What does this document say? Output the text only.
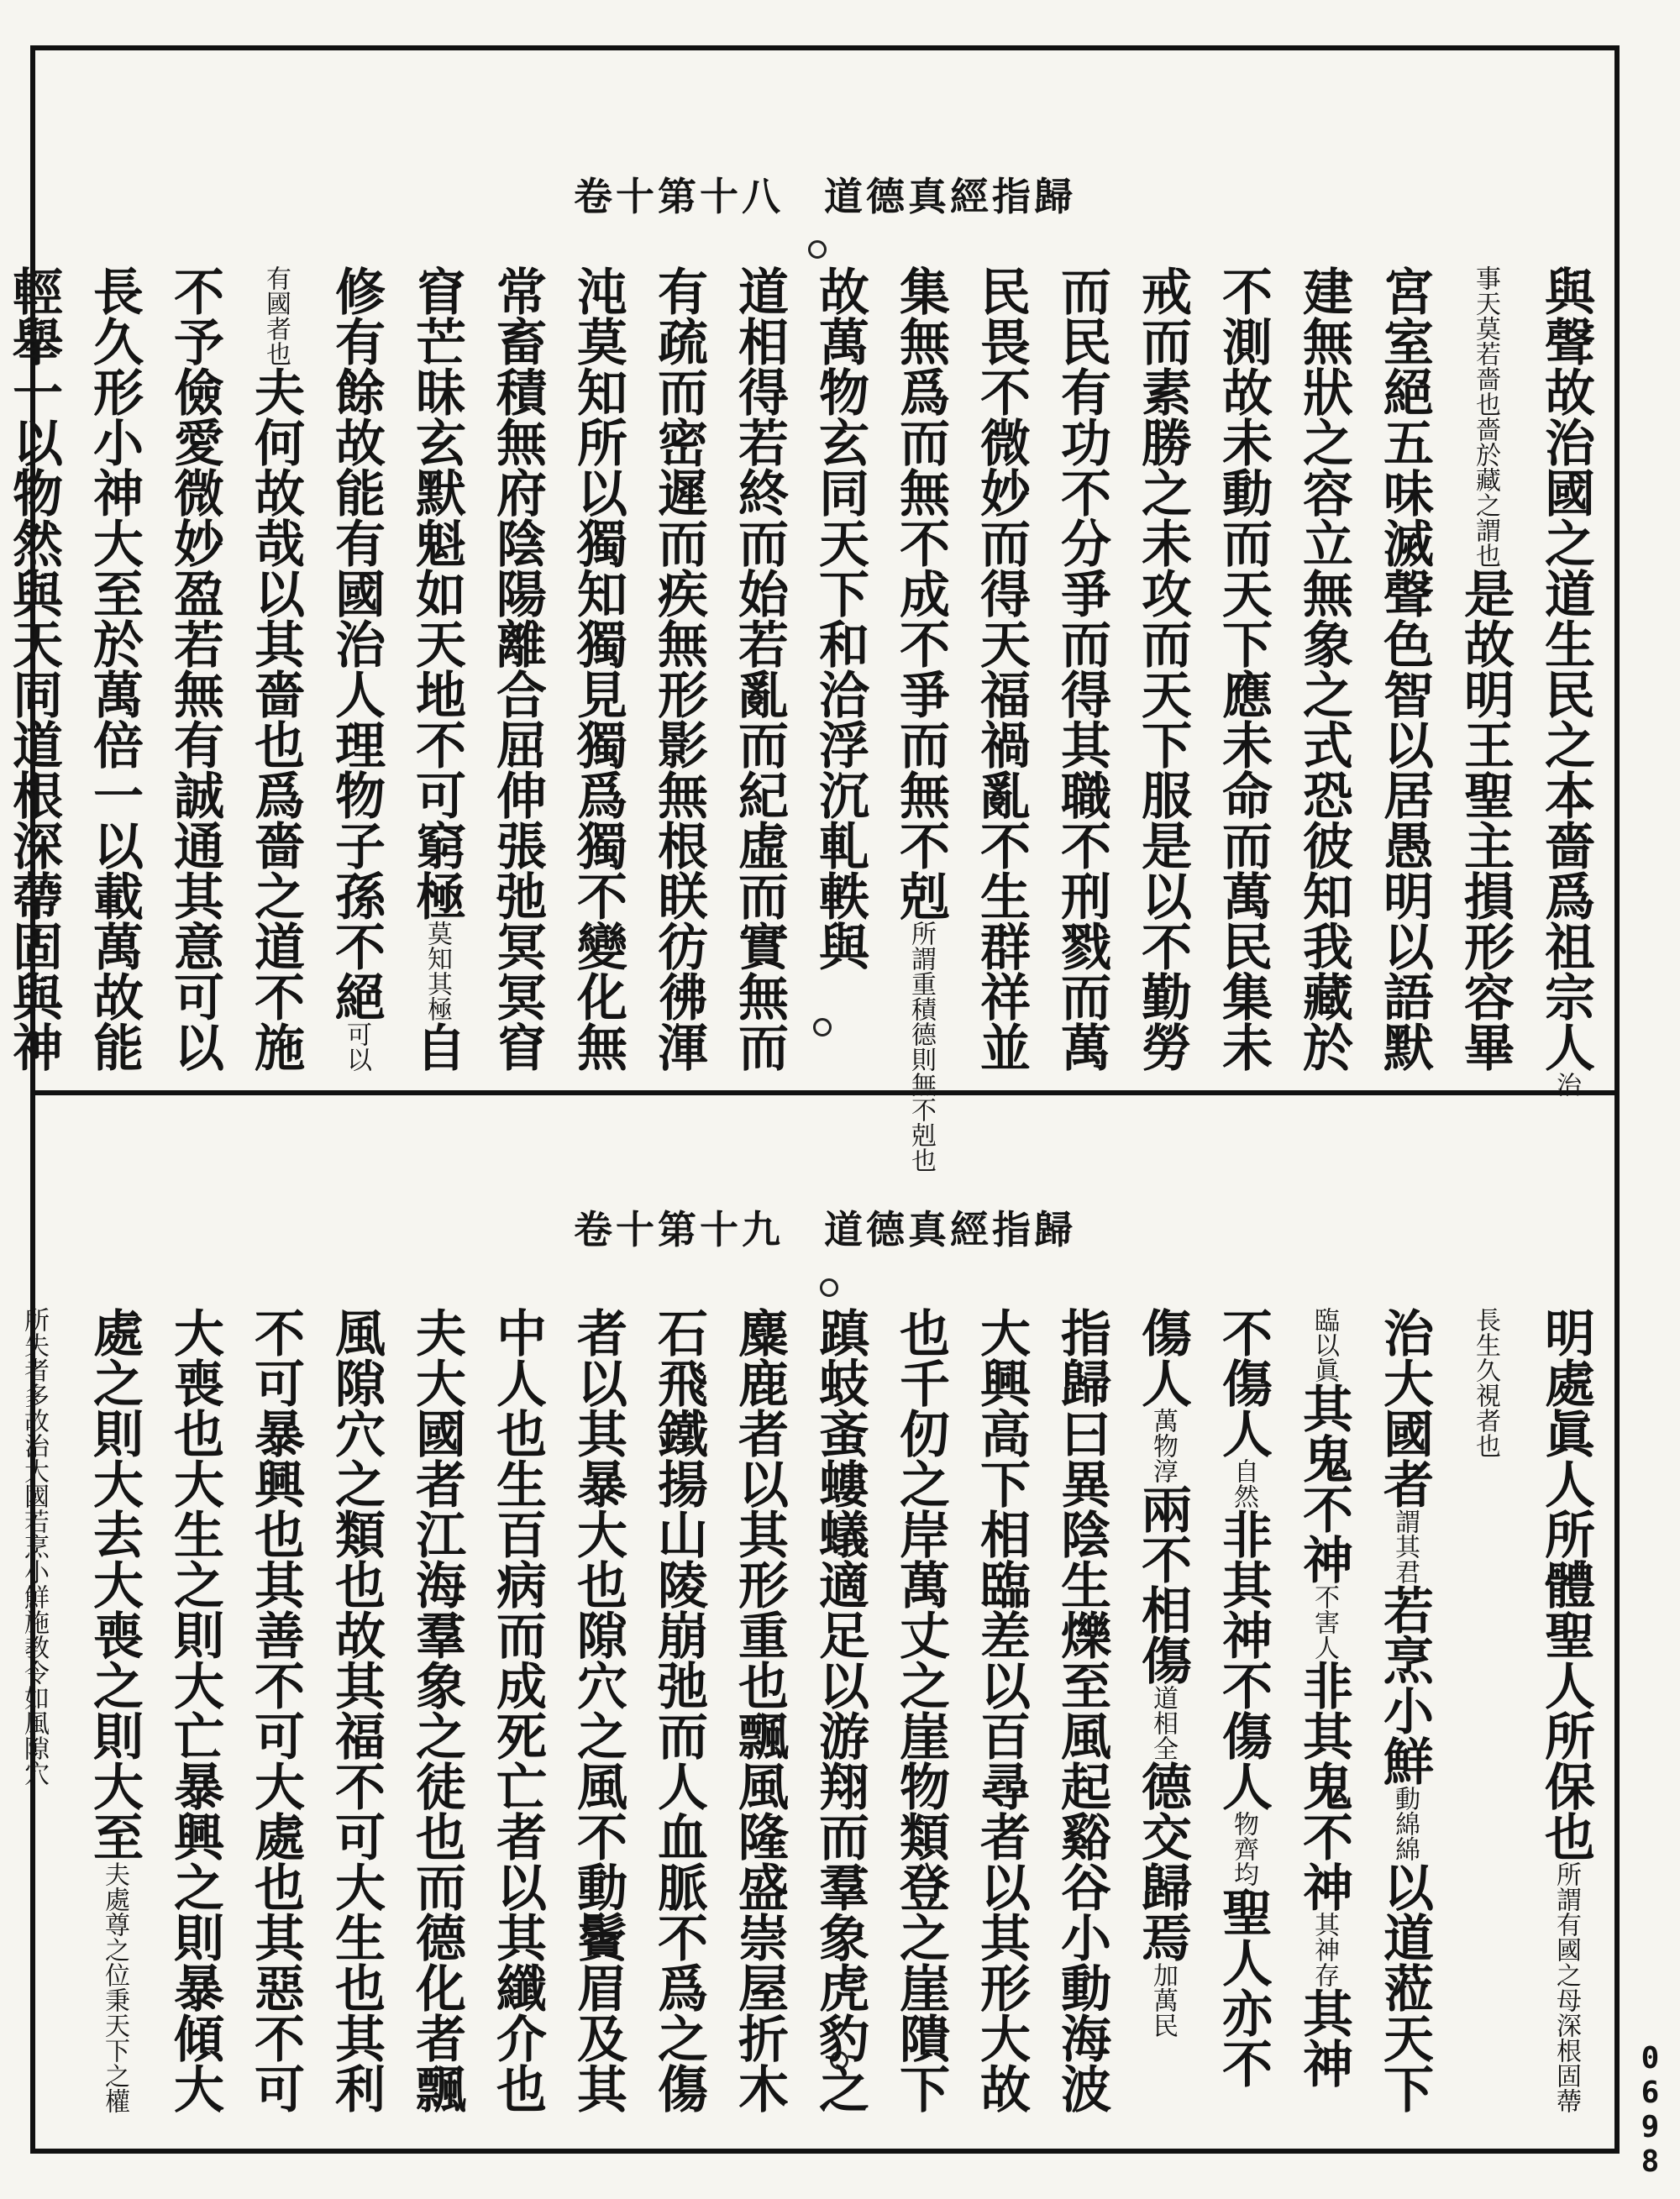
卷十第十八 道德真經指歸
與聲故治國之道生民之本嗇爲祖宗人治
事天莫若嗇也嗇於藏之謂也是故明王聖主損形容畢
宮室絕五味滅聲色智以居愚明以語默
建無狀之容立無象之式恐彼知我藏於
不測故未動而天下應未命而萬民集未
戒而素勝之未攻而天下服是以不勤勞
而民有功不分爭而得其職不刑戮而萬
民畏不微妙而得天福禍亂不生群祥並
集無爲而無不成不爭而無不剋所謂重積德則無不剋也
故萬物玄同天下和洽浮沉軋軼與
道相得若終而始若亂而紀虛而實無而
有疏而密遲而疾無形影無根眹彷彿渾
沌莫知所以獨知獨見獨爲獨不變化無
常畜積無府陰陽離合屈伸張弛冥冥窅
窅芒昧玄默魁如天地不可窮極莫知其極自
修有餘故能有國治人理物子孫不絕可以
有國者也夫何故哉以其嗇也爲嗇之道不施
不予儉愛微妙盈若無有誠通其意可以
長久形小神大至於萬倍一以載萬故能
輕舉一以物然與天同道根深蔕固與神
卷十第十九 道德真經指歸
明處眞人所體聖人所保也所謂有國之母深根固蔕
長生久視者也
治大國者謂其君若烹小鮮動綿綿以道蒞天下
臨以眞其鬼不神不害人非其鬼不神其神存其神
不傷人自然非其神不傷人物齊均聖人亦不
傷人萬物淳兩不相傷道相全德交歸焉加萬民
指歸曰異陰生爍至風起谿谷小動海波
大興高下相臨差以百尋者以其形大故
也千仞之岸萬丈之崖物類登之崖隤下
蹎蚑蚉螻蟻適足以游翔而羣象虎豹之
麋鹿者以其形重也飄風隆盛崇屋折木
石飛鐵揚山陵崩弛而人血脈不爲之傷
者以其暴大也隙穴之風不動鬢眉及其
中人也生百病而成死亡者以其纖介也
夫大國者江海羣象之徒也而德化者飄
風隙穴之類也故其福不可大生也其利
不可暴興也其善不可大處也其惡不可
大喪也大生之則大亡暴興之則暴傾大
處之則大去大喪之則大至夫處尊之位秉天下之權
所失者多故治大國若烹小鮮施教令如風隙穴
0698
